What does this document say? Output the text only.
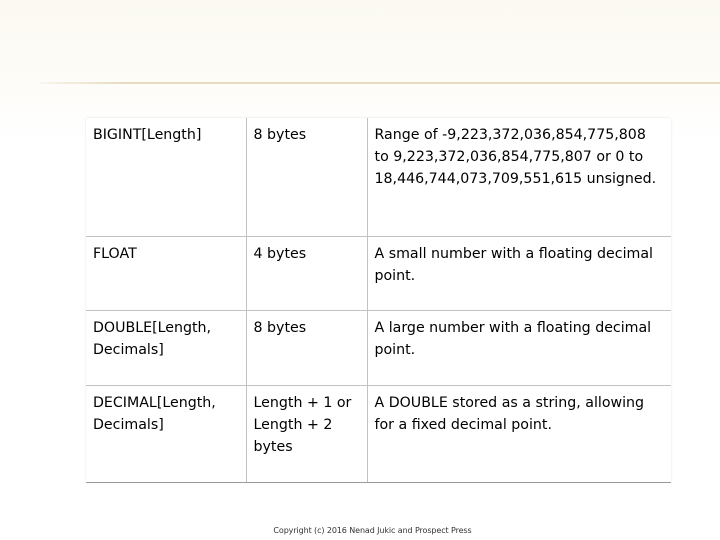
BIGINT[Length]	8 bytes	Range of -9,223,372,036,854,775,808 to 9,223,372,036,854,775,807 or 0 to 18,446,744,073,709,551,615 unsigned.
FLOAT	4 bytes	A small number with a floating decimal point.
DOUBLE[Length, Decimals]	8 bytes	A large number with a floating decimal point.
DECIMAL[Length, Decimals]	Length + 1 or Length + 2 bytes	A DOUBLE stored as a string, allowing for a fixed decimal point.
Copyright (c) 2016 Nenad Jukic and Prospect Press
